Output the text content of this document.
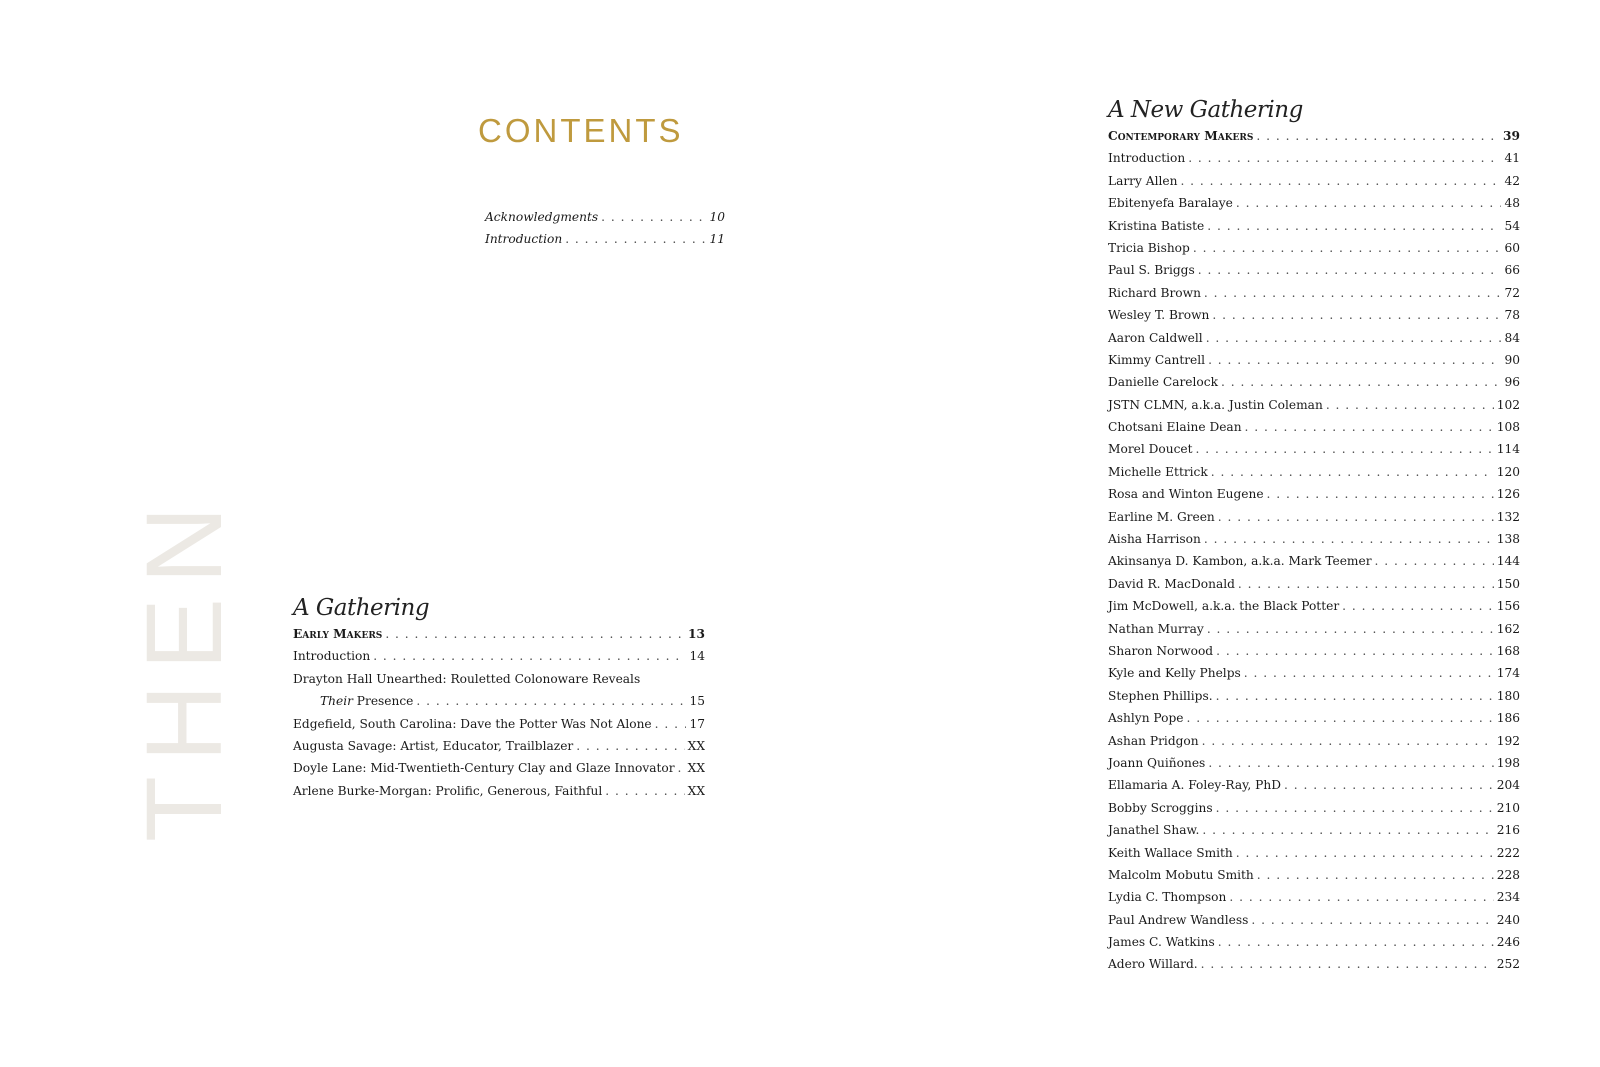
THEN
CONTENTS
Acknowledgments . . .	10
Introduction . . .	11
A Gathering
Early Makers . . .	13
Introduction . . .	14
Drayton Hall Unearthed: Rouletted Colonoware Reveals
Their Presence . . .	15
Edgefield, South Carolina: Dave the Potter Was Not Alone . . .	17
Augusta Savage: Artist, Educator, Trailblazer . . .	XX
Doyle Lane: Mid-Twentieth-Century Clay and Glaze Innovator . . . XX
Arlene Burke-Morgan: Prolific, Generous, Faithful . . .	XX
A New Gathering
Contemporary Makers . . .	39
Introduction . . .	41
Larry Allen . . .	42
Ebitenyefa Baralaye . . .	48
Kristina Batiste . . .	54
Tricia Bishop . . .	60
Paul S. Briggs . . .	66
Richard Brown . . .	72
Wesley T. Brown . . .	78
Aaron Caldwell . . .	84
Kimmy Cantrell . . .	90
Danielle Carelock . . .	96
JSTN CLMN, a.k.a. Justin Coleman . . .	102
Chotsani Elaine Dean . . .	108
Morel Doucet . . .	114
Michelle Ettrick . . .	120
Rosa and Winton Eugene . . .	126
Earline M. Green . . .	132
Aisha Harrison . . .	138
Akinsanya D. Kambon, a.k.a. Mark Teemer . . .	144
David R. MacDonald . . .	150
Jim McDowell, a.k.a. the Black Potter . . .	156
Nathan Murray . . .	162
Sharon Norwood . . .	168
Kyle and Kelly Phelps . . .	174
Stephen Phillips. . . .	180
Ashlyn Pope . . .	186
Ashan Pridgon . . .	192
Joann Quiñones . . .	198
Ellamaria A. Foley-Ray, PhD . . .	204
Bobby Scroggins . . .	210
Janathel Shaw. . . .	216
Keith Wallace Smith . . .	222
Malcolm Mobutu Smith . . .	228
Lydia C. Thompson . . .	234
Paul Andrew Wandless . . .	240
James C. Watkins . . .	246
Adero Willard. . . .	252
